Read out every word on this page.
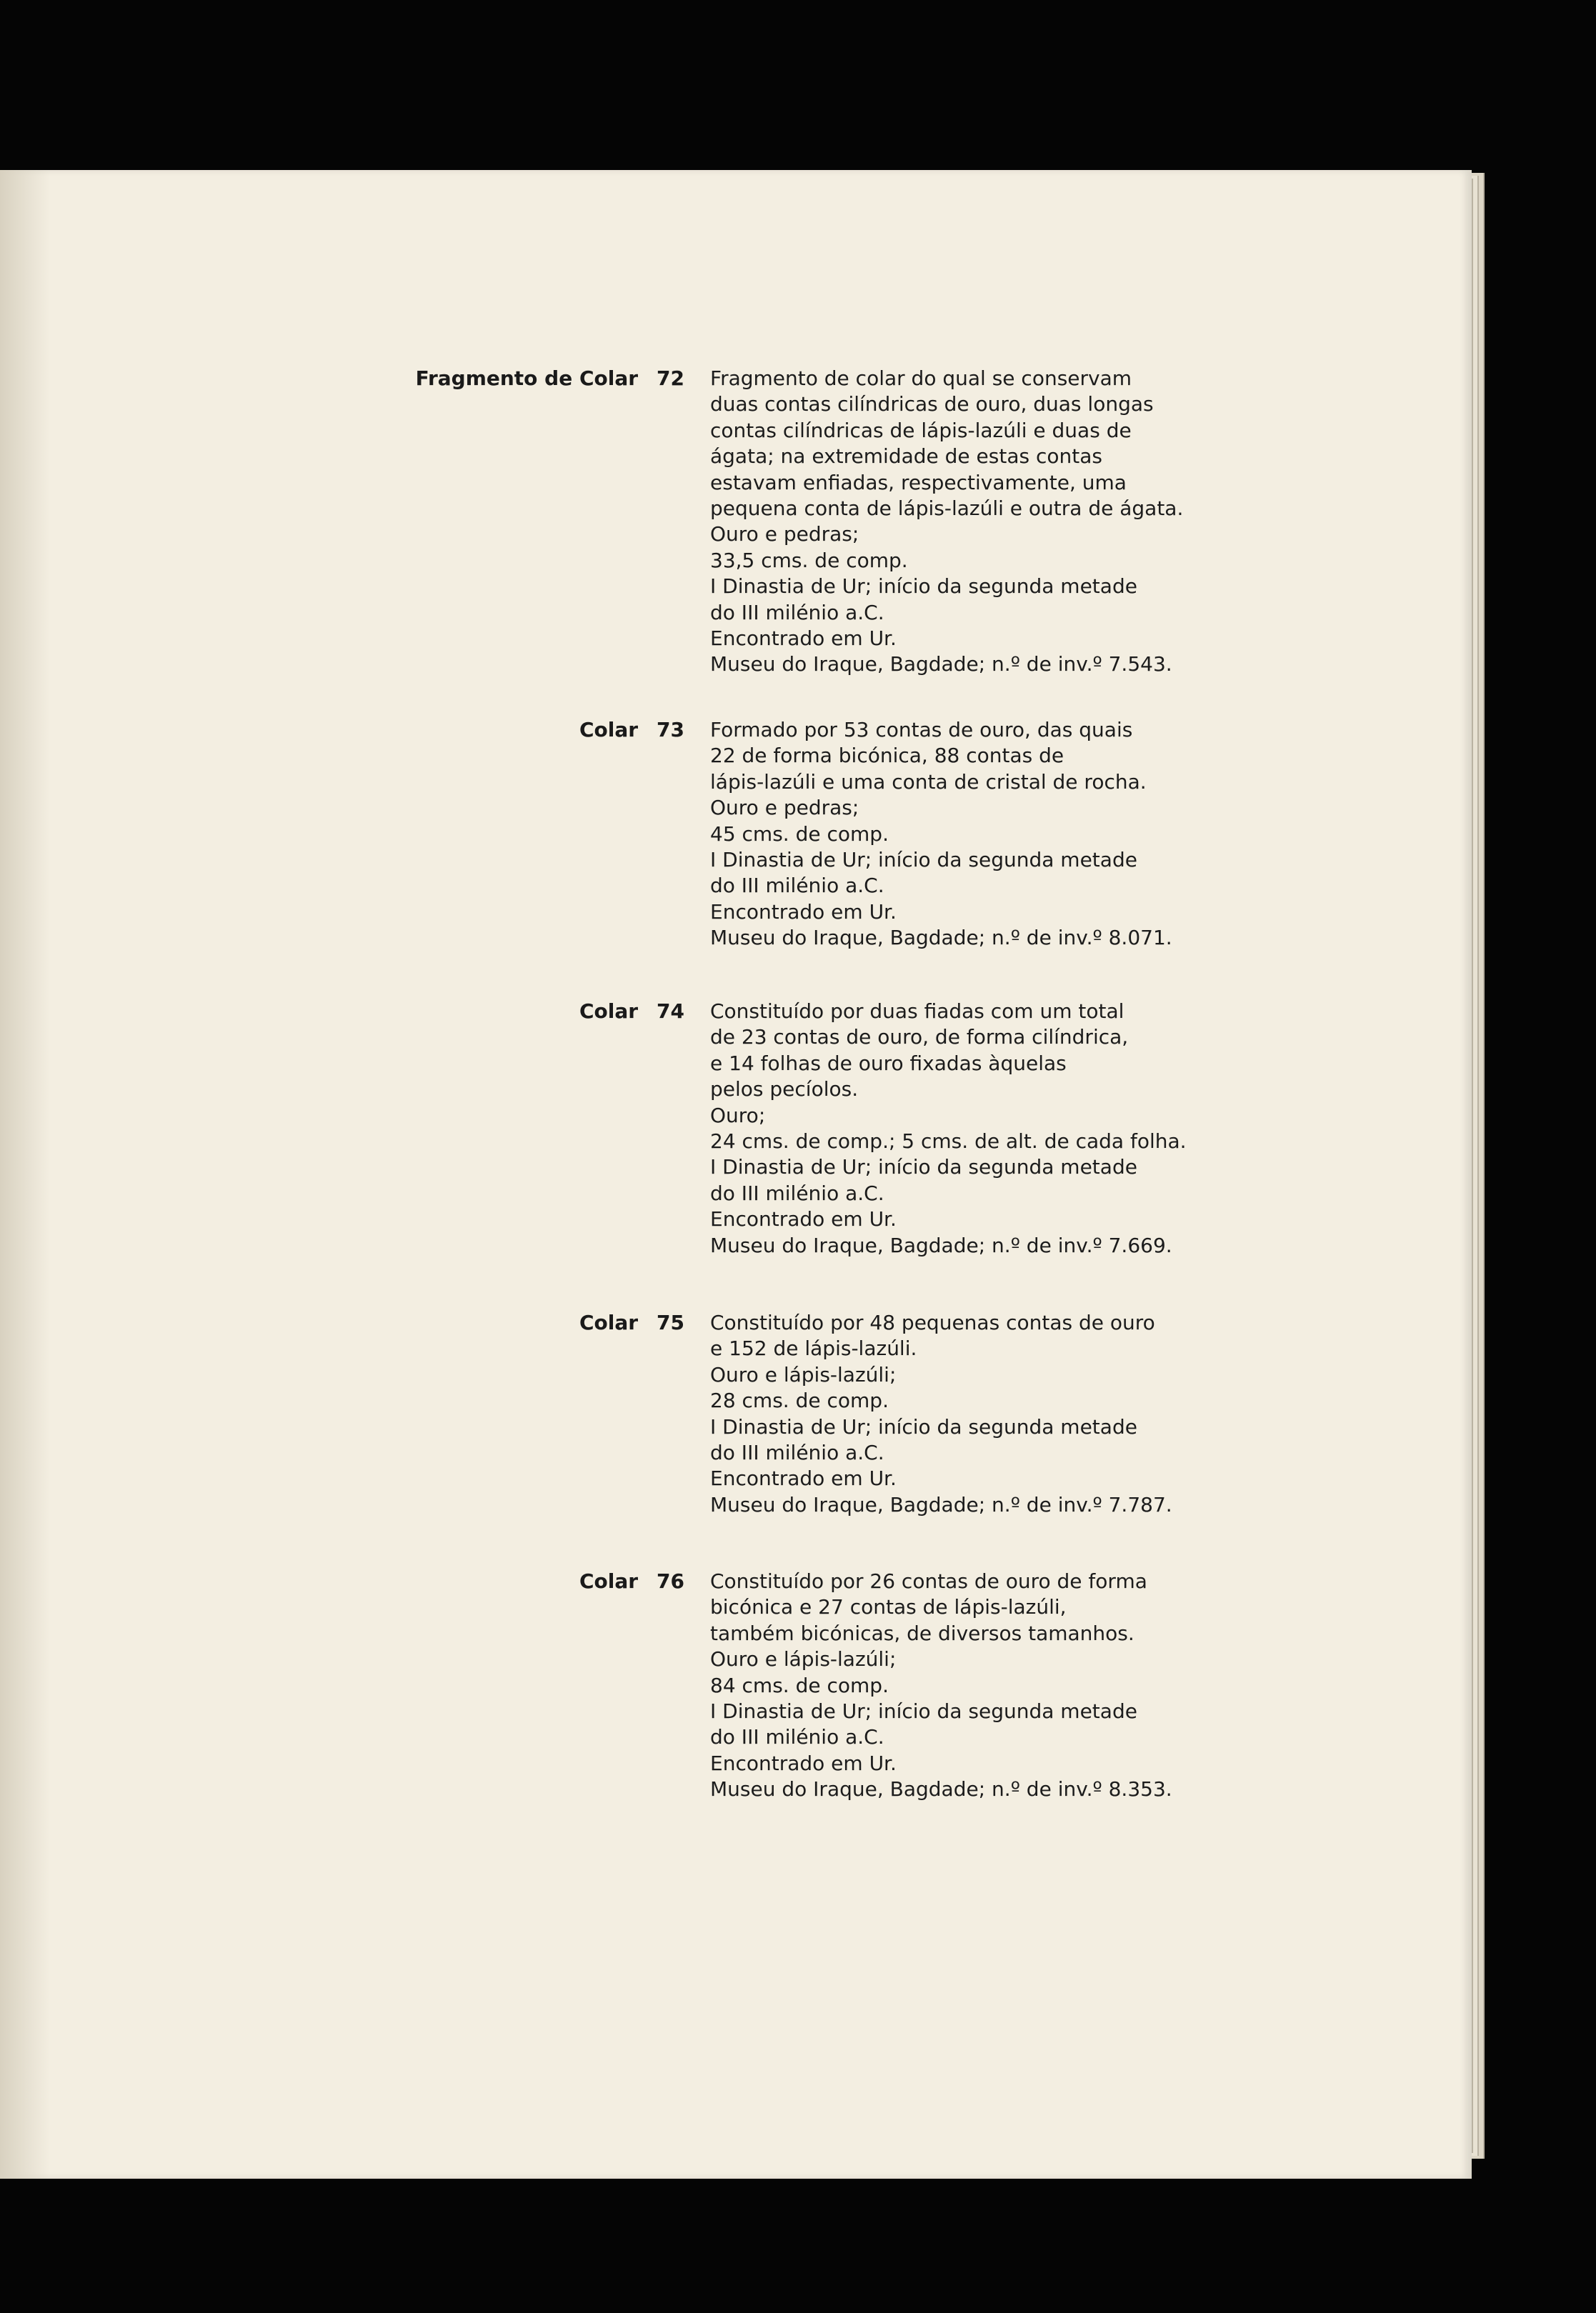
Fragmento de Colar 72 Fragmento de colar do qual se conservam
duas contas cilíndricas de ouro, duas longas
contas cilíndricas de lápis-lazúli e duas de
ágata; na extremidade de estas contas
estavam enfiadas, respectivamente, uma
pequena conta de lápis-lazúli e outra de ágata.
Ouro e pedras;
33,5 cms. de comp.
I Dinastia de Ur; início da segunda metade
do III milénio a.C.
Encontrado em Ur.
Museu do Iraque, Bagdade; n.º de inv.º 7.543.
Colar 73 Formado por 53 contas de ouro, das quais
22 de forma bicónica, 88 contas de
lápis-lazúli e uma conta de cristal de rocha.
Ouro e pedras;
45 cms. de comp.
I Dinastia de Ur; início da segunda metade
do III milénio a.C.
Encontrado em Ur.
Museu do Iraque, Bagdade; n.º de inv.º 8.071.
Colar 74 Constituído por duas fiadas com um total
de 23 contas de ouro, de forma cilíndrica,
e 14 folhas de ouro fixadas àquelas
pelos pecíolos.
Ouro;
24 cms. de comp.; 5 cms. de alt. de cada folha.
I Dinastia de Ur; início da segunda metade
do III milénio a.C.
Encontrado em Ur.
Museu do Iraque, Bagdade; n.º de inv.º 7.669.
Colar 75 Constituído por 48 pequenas contas de ouro
e 152 de lápis-lazúli.
Ouro e lápis-lazúli;
28 cms. de comp.
I Dinastia de Ur; início da segunda metade
do III milénio a.C.
Encontrado em Ur.
Museu do Iraque, Bagdade; n.º de inv.º 7.787.
Colar 76 Constituído por 26 contas de ouro de forma
bicónica e 27 contas de lápis-lazúli,
também bicónicas, de diversos tamanhos.
Ouro e lápis-lazúli;
84 cms. de comp.
I Dinastia de Ur; início da segunda metade
do III milénio a.C.
Encontrado em Ur.
Museu do Iraque, Bagdade; n.º de inv.º 8.353.
